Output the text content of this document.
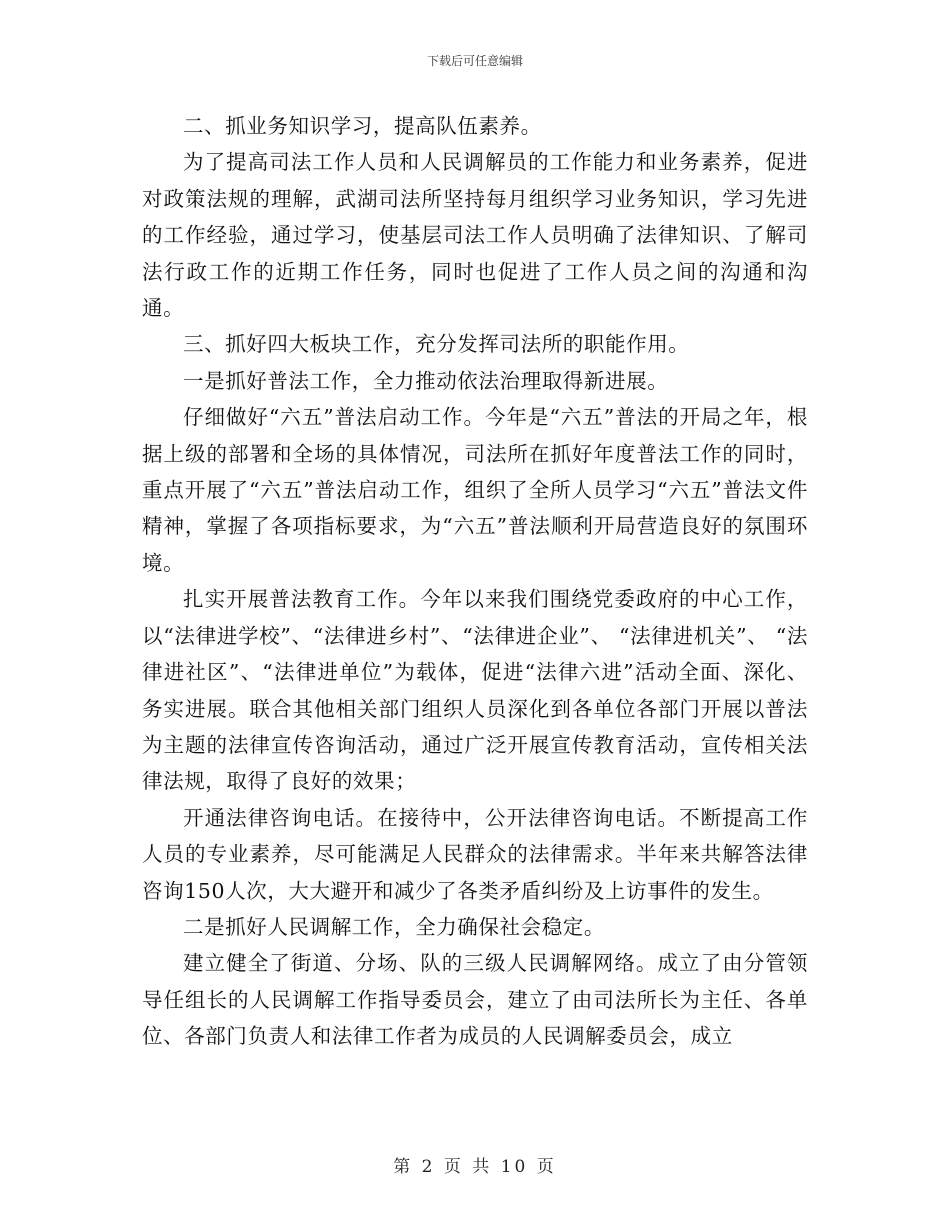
下载后可任意编辑

二、抓业务知识学习，提高队伍素养。

为了提高司法工作人员和人民调解员的工作能力和业务素养，促进对政策法规的理解，武湖司法所坚持每月组织学习业务知识，学习先进的工作经验，通过学习，使基层司法工作人员明确了法律知识、了解司法行政工作的近期工作任务，同时也促进了工作人员之间的沟通和沟通。

三、抓好四大板块工作，充分发挥司法所的职能作用。

一是抓好普法工作，全力推动依法治理取得新进展。

仔细做好“六五”普法启动工作。今年是“六五”普法的开局之年，根据上级的部署和全场的具体情况，司法所在抓好年度普法工作的同时，重点开展了“六五”普法启动工作，组织了全所人员学习“六五”普法文件精神，掌握了各项指标要求，为“六五”普法顺利开局营造良好的氛围环境。

扎实开展普法教育工作。今年以来我们围绕党委政府的中心工作，以“法律进学校”、“法律进乡村”、“法律进企业”、 “法律进机关”、 “法律进社区”、“法律进单位”为载体，促进“法律六进”活动全面、深化、务实进展。联合其他相关部门组织人员深化到各单位各部门开展以普法为主题的法律宣传咨询活动，通过广泛开展宣传教育活动，宣传相关法律法规，取得了良好的效果；

开通法律咨询电话。在接待中，公开法律咨询电话。不断提高工作人员的专业素养，尽可能满足人民群众的法律需求。半年来共解答法律咨询150人次，大大避开和减少了各类矛盾纠纷及上访事件的发生。

二是抓好人民调解工作，全力确保社会稳定。

建立健全了街道、分场、队的三级人民调解网络。成立了由分管领导任组长的人民调解工作指导委员会，建立了由司法所长为主任、各单位、各部门负责人和法律工作者为成员的人民调解委员会，成立

第 2 页 共 10 页
